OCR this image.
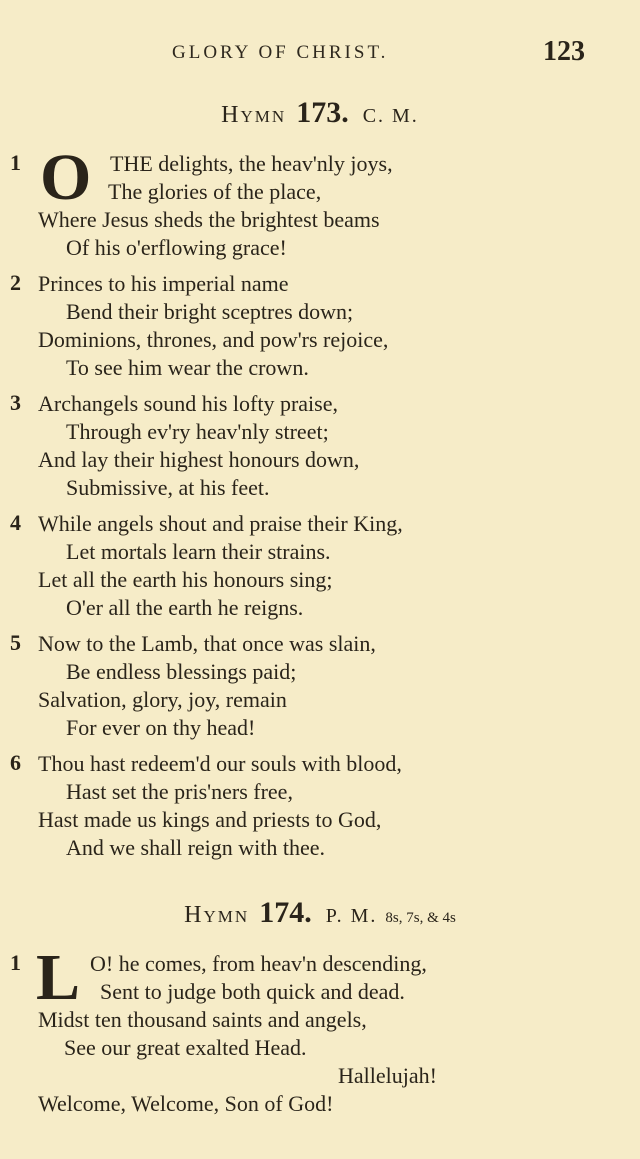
GLORY OF CHRIST.	123
Hymn 173. C. M.
1 O THE delights, the heav'nly joys,
The glories of the place,
Where Jesus sheds the brightest beams
Of his o'erflowing grace!
2 Princes to his imperial name
Bend their bright sceptres down;
Dominions, thrones, and pow'rs rejoice,
To see him wear the crown.
3 Archangels sound his lofty praise,
Through ev'ry heav'nly street;
And lay their highest honours down,
Submissive, at his feet.
4 While angels shout and praise their King,
Let mortals learn their strains.
Let all the earth his honours sing;
O'er all the earth he reigns.
5 Now to the Lamb, that once was slain,
Be endless blessings paid;
Salvation, glory, joy, remain
For ever on thy head!
6 Thou hast redeem'd our souls with blood,
Hast set the pris'ners free,
Hast made us kings and priests to God,
And we shall reign with thee.
Hymn 174. P. M. 8s, 7s, & 4s
1 L O! he comes, from heav'n descending,
Sent to judge both quick and dead.
Midst ten thousand saints and angels,
See our great exalted Head.
Hallelujah!
Welcome, Welcome, Son of God!
